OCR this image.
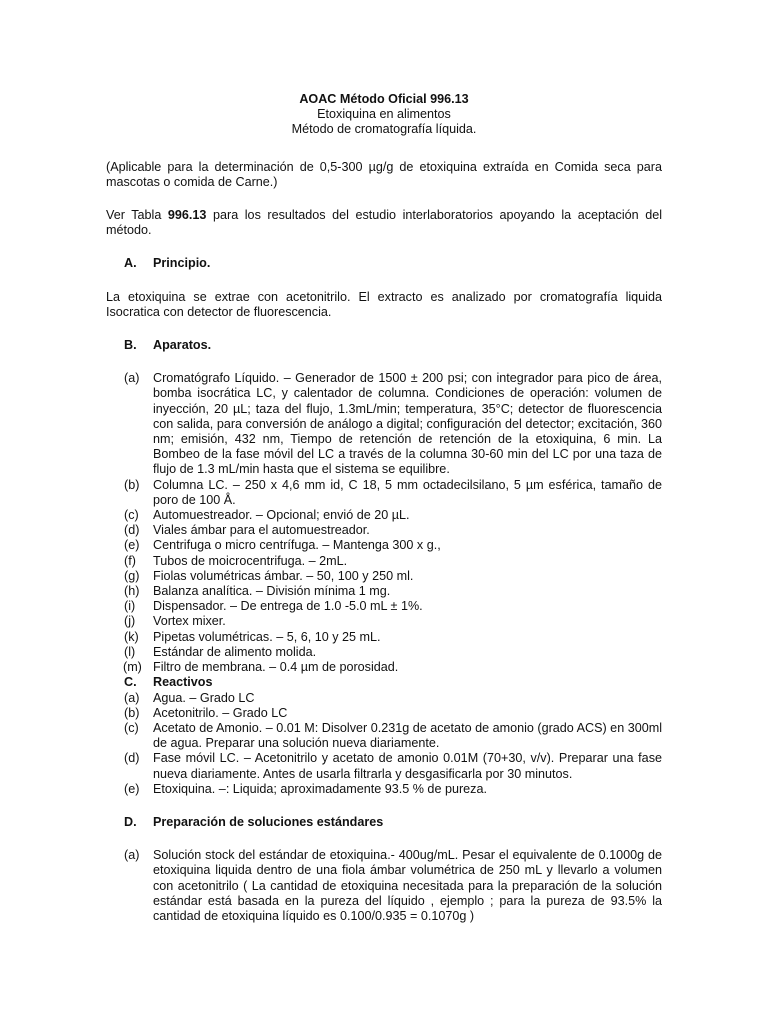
AOAC Método Oficial 996.13
Etoxiquina en alimentos
Método de cromatografía líquida.

(Aplicable para la determinación de 0,5-300 µg/g de etoxiquina extraída en Comida seca para mascotas o comida de Carne.)

Ver Tabla 996.13 para los resultados del estudio interlaboratorios apoyando la aceptación del método.

A.	Principio.

La etoxiquina se extrae con acetonitrilo. El extracto es analizado por cromatografía liquida Isocratica con detector de fluorescencia.

B.	Aparatos.
(a)	Cromatógrafo Líquido. – Generador de 1500 ± 200 psi; con integrador para pico de área, bomba isocrática LC, y calentador de columna. Condiciones de operación: volumen de inyección, 20 µL; taza del flujo, 1.3mL/min; temperatura, 35°C; detector de fluorescencia con salida, para conversión de análogo a digital; configuración del detector; excitación, 360 nm; emisión, 432 nm, Tiempo de retención de retención de la etoxiquina, 6 min. La Bombeo de la fase móvil del LC a través de la columna 30-60 min del LC por una taza de flujo de 1.3 mL/min hasta que el sistema se equilibre.
(b)	Columna LC. – 250 x 4,6 mm id, C 18, 5 mm octadecilsilano, 5 µm esférica, tamaño de poro de 100 Å.
(c)	Automuestreador. – Opcional; envió de 20 µL.
(d)	Viales ámbar para el automuestreador.
(e)	Centrifuga o micro centrífuga. – Mantenga 300 x g.,
(f)	Tubos de moicrocentrifuga. – 2mL.
(g)	Fiolas volumétricas ámbar. – 50, 100 y 250 ml.
(h)	Balanza analítica. – División mínima 1 mg.
(i)	Dispensador. – De entrega de 1.0 -5.0 mL ± 1%.
(j)	Vortex mixer.
(k)	Pipetas volumétricas. – 5, 6, 10 y 25 mL.
(l)	Estándar de alimento molida.
(m) Filtro de membrana. – 0.4 µm de porosidad.
C.	Reactivos
(a)	Agua. – Grado LC
(b)	Acetonitrilo. – Grado LC
(c)	Acetato de Amonio. – 0.01 M: Disolver 0.231g de acetato de amonio (grado ACS) en 300ml de agua. Preparar una solución nueva diariamente.
(d)	Fase móvil LC. – Acetonitrilo y acetato de amonio 0.01M (70+30, v/v). Preparar una fase nueva diariamente. Antes de usarla filtrarla y desgasificarla por 30 minutos.
(e)	Etoxiquina. –: Liquida; aproximadamente 93.5 % de pureza.
D.	Preparación de soluciones estándares
(a)	Solución stock del estándar de etoxiquina.- 400ug/mL. Pesar el equivalente de 0.1000g de etoxiquina liquida dentro de una fiola ámbar volumétrica de 250 mL y llevarlo a volumen con acetonitrilo ( La cantidad de etoxiquina necesitada para la preparación de la solución estándar está basada en la pureza del líquido , ejemplo ; para la pureza de 93.5% la cantidad de etoxiquina líquido es 0.100/0.935 = 0.1070g )
